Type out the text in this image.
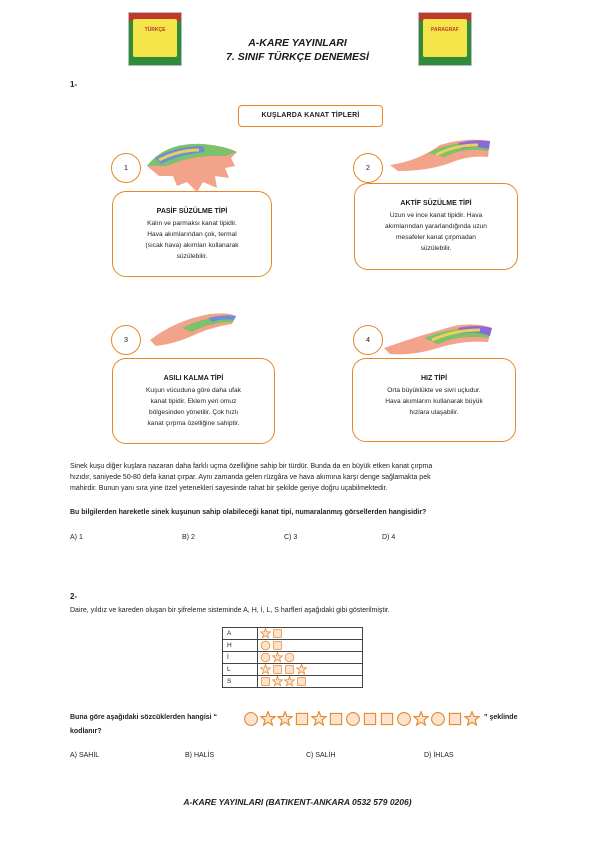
TÜRKÇE	PARAGRAF
A-KARE YAYINLARI
7. SINIF TÜRKÇE DENEMESİ
1-
KUŞLARDA KANAT TİPLERİ
1	2
3	4
PASİF SÜZÜLME TİPİ
Kalın ve parmaksı kanat tipidir.
Hava akımlarından çok, termal
(sıcak hava) akımları kullanarak
süzülebilir.
AKTİF SÜZÜLME TİPİ
Uzun ve ince kanat tipidir. Hava
akımlarından yararlandığında uzun
mesafeler kanat çırpmadan
süzülebilir.
ASILI KALMA TİPİ
Kuşun vücuduna göre daha ufak
kanat tipidir. Eklem yeri omuz
bölgesinden yönetilir. Çok hızlı
kanat çırpma özelliğine sahiptir.
HIZ TİPİ
Orta büyüklükte ve sivri uçludur.
Hava akımlarını kullanarak büyük
hızlara ulaşabilir.
Sinek kuşu diğer kuşlara nazaran daha farklı uçma özelliğine sahip bir türdür. Bunda da en büyük etken kanat çırpma
hızıdır, saniyede 50-80 defa kanat çırpar. Aynı zamanda gelen rüzgâra ve hava akımına karşı denge sağlamakta pek
mahirdir. Bunun yanı sıra yine özel yetenekleri sayesinde rahat bir şekilde geriye doğru uçabilmektedir.
Bu bilgilerden hareketle sinek kuşunun sahip olabileceği kanat tipi, numaralanmış görsellerden hangisidir?
A) 1	B) 2	C) 3	D) 4
2-
Daire, yıldız ve kareden oluşan bir şifreleme sisteminde A, H, İ, L, S harfleri aşağıdaki gibi gösterilmiştir.
A	

H	

İ	

L	

S	
Buna göre aşağıdaki sözcüklerden hangisi “	” şeklinde
kodlanır?
A) SAHİL	B) HALİS	C) SALİH	D) İHLAS
A-KARE YAYINLARI (BATIKENT-ANKARA 0532 579 0206)
